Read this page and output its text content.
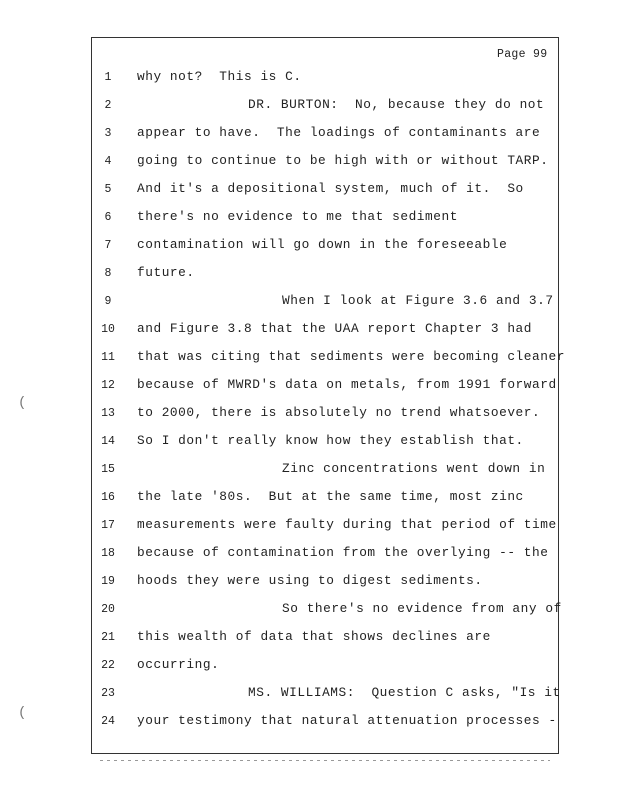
Page 99
(
(
1	why not?  This is C.
2	DR. BURTON:  No, because they do not
3	appear to have.  The loadings of contaminants are
4	going to continue to be high with or without TARP.
5	And it's a depositional system, much of it.  So
6	there's no evidence to me that sediment
7	contamination will go down in the foreseeable
8	future.
9	When I look at Figure 3.6 and 3.7
10	and Figure 3.8 that the UAA report Chapter 3 had
11	that was citing that sediments were becoming cleaner
12	because of MWRD's data on metals, from 1991 forward
13	to 2000, there is absolutely no trend whatsoever.
14	So I don't really know how they establish that.
15	Zinc concentrations went down in
16	the late '80s.  But at the same time, most zinc
17	measurements were faulty during that period of time
18	because of contamination from the overlying -- the
19	hoods they were using to digest sediments.
20	So there's no evidence from any of
21	this wealth of data that shows declines are
22	occurring.
23	MS. WILLIAMS:  Question C asks, "Is it
24	your testimony that natural attenuation processes -
